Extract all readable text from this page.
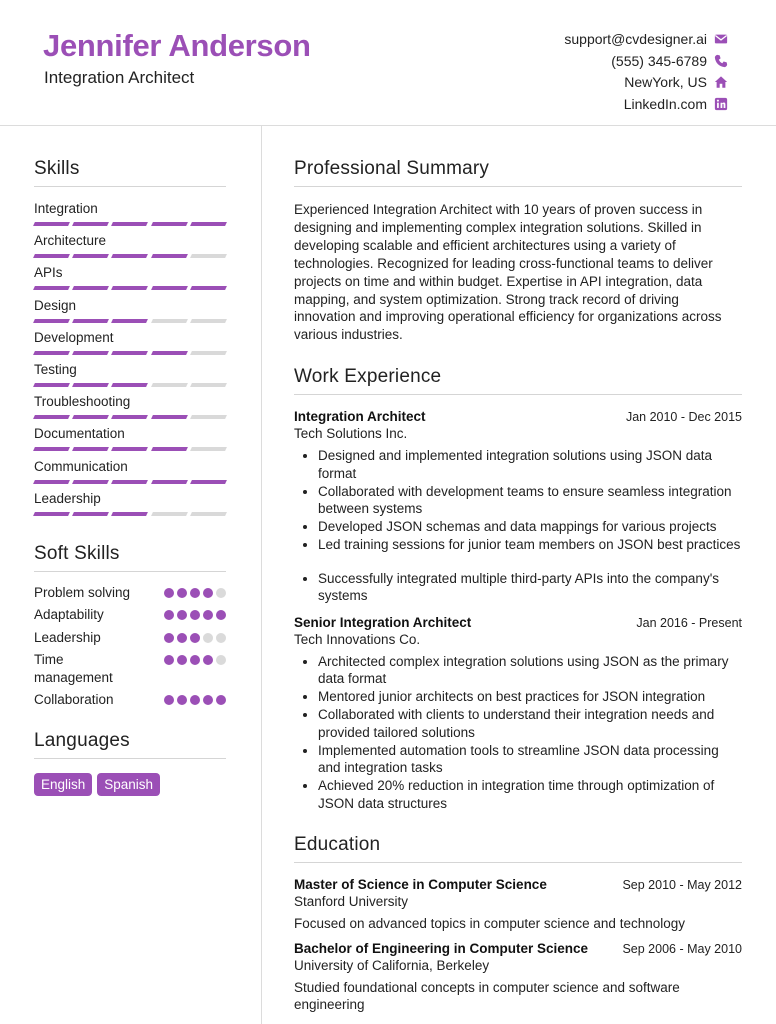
Jennifer Anderson
Integration Architect
support@cvdesigner.ai
(555) 345-6789
NewYork, US
LinkedIn.com
Skills
Integration
Architecture
APIs
Design
Development
Testing
Troubleshooting
Documentation
Communication
Leadership
Soft Skills
Problem solving
Adaptability
Leadership
Time management
Collaboration
Languages
English	Spanish
Professional Summary
Experienced Integration Architect with 10 years of proven success in designing and implementing complex integration solutions. Skilled in developing scalable and efficient architectures using a variety of technologies. Recognized for leading cross-functional teams to deliver projects on time and within budget. Expertise in API integration, data mapping, and system optimization. Strong track record of driving innovation and improving operational efficiency for organizations across various industries.
Work Experience
Integration Architect	Jan 2010 - Dec 2015
Tech Solutions Inc.
• Designed and implemented integration solutions using JSON data format
• Collaborated with development teams to ensure seamless integration between systems
• Developed JSON schemas and data mappings for various projects
• Led training sessions for junior team members on JSON best practices
• Successfully integrated multiple third-party APIs into the company's systems
Senior Integration Architect	Jan 2016 - Present
Tech Innovations Co.
• Architected complex integration solutions using JSON as the primary data format
• Mentored junior architects on best practices for JSON integration
• Collaborated with clients to understand their integration needs and provided tailored solutions
• Implemented automation tools to streamline JSON data processing and integration tasks
• Achieved 20% reduction in integration time through optimization of JSON data structures
Education
Master of Science in Computer Science	Sep 2010 - May 2012
Stanford University
Focused on advanced topics in computer science and technology
Bachelor of Engineering in Computer Science	Sep 2006 - May 2010
University of California, Berkeley
Studied foundational concepts in computer science and software engineering
